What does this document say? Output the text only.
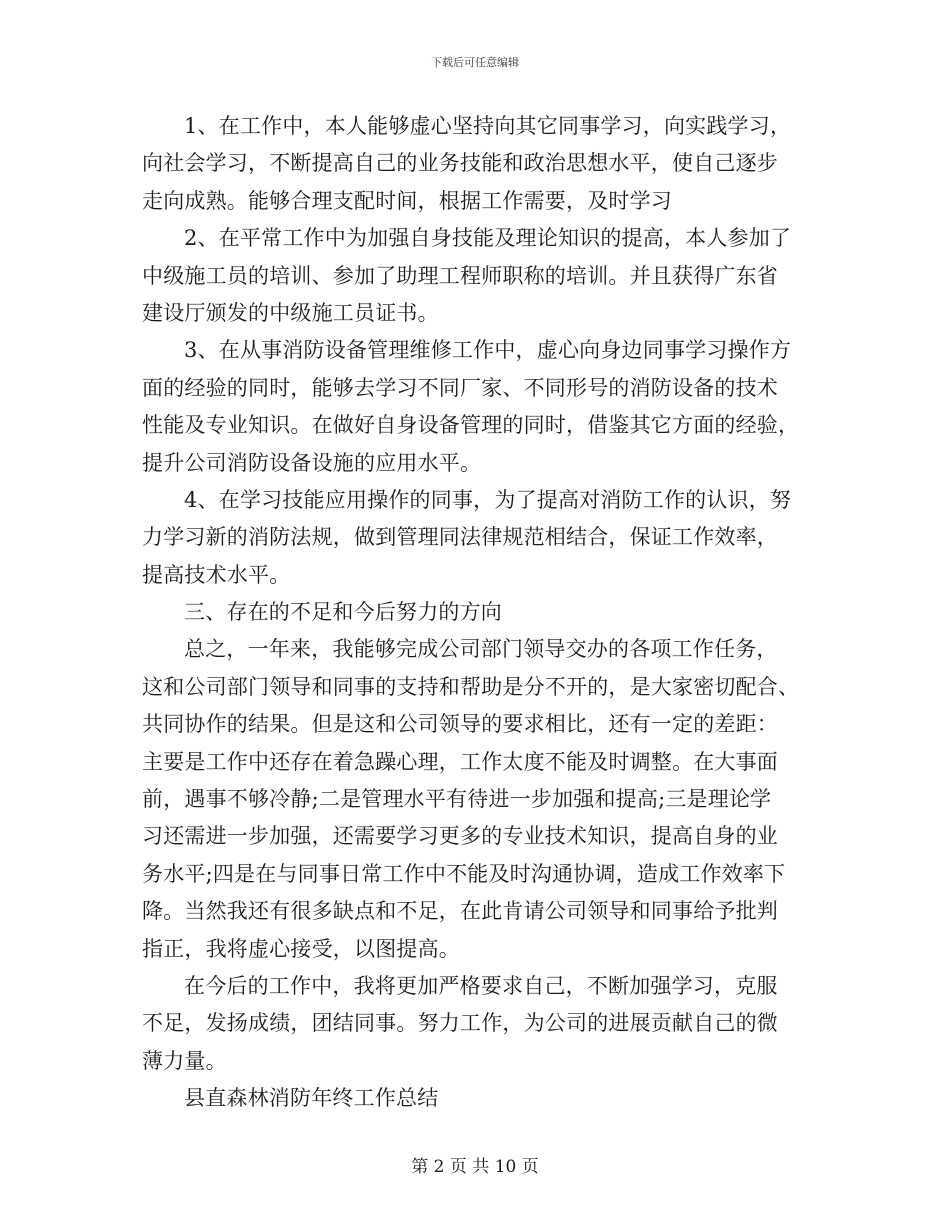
下载后可任意编辑
1、在工作中，本人能够虚心坚持向其它同事学习，向实践学习，
向社会学习，不断提高自己的业务技能和政治思想水平，使自己逐步
走向成熟。能够合理支配时间，根据工作需要，及时学习
2、在平常工作中为加强自身技能及理论知识的提高，本人参加了
中级施工员的培训、参加了助理工程师职称的培训。并且获得广东省
建设厅颁发的中级施工员证书。
3、在从事消防设备管理维修工作中，虚心向身边同事学习操作方
面的经验的同时，能够去学习不同厂家、不同形号的消防设备的技术
性能及专业知识。在做好自身设备管理的同时，借鉴其它方面的经验，
提升公司消防设备设施的应用水平。
4、在学习技能应用操作的同事，为了提高对消防工作的认识，努
力学习新的消防法规，做到管理同法律规范相结合，保证工作效率，
提高技术水平。
三、存在的不足和今后努力的方向
总之，一年来，我能够完成公司部门领导交办的各项工作任务，
这和公司部门领导和同事的支持和帮助是分不开的，是大家密切配合、
共同协作的结果。但是这和公司领导的要求相比，还有一定的差距：
主要是工作中还存在着急躁心理，工作太度不能及时调整。在大事面
前，遇事不够冷静;二是管理水平有待进一步加强和提高;三是理论学
习还需进一步加强，还需要学习更多的专业技术知识，提高自身的业
务水平;四是在与同事日常工作中不能及时沟通协调，造成工作效率下
降。当然我还有很多缺点和不足，在此肯请公司领导和同事给予批判
指正，我将虚心接受，以图提高。
在今后的工作中，我将更加严格要求自己，不断加强学习，克服
不足，发扬成绩，团结同事。努力工作，为公司的进展贡献自己的微
薄力量。
县直森林消防年终工作总结
第 2 页 共 10 页
